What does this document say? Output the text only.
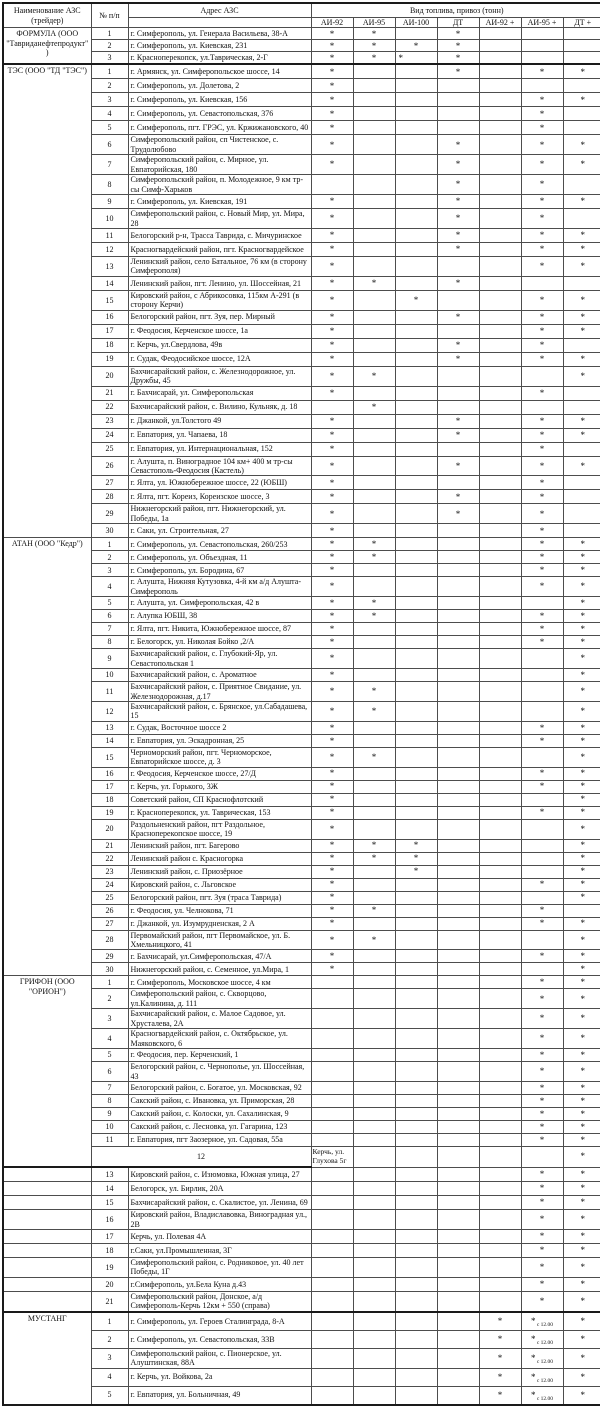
Наименование АЗС (трейдер)	№ п/п	Адрес АЗС	Вид топлива, привоз (тонн)						
			АИ-92	АИ-95	АИ-100	ДТ	АИ-92 +	АИ-95 +	ДТ +
ФОРМУЛА (ООО "Тавриданефтепродукт")	1	г. Симферополь, ул. Генерала Васильева, 38-А	*	*		*			
	2	г. Симферополь, ул. Киевская, 231	*	*	*	*			
	3	г. Красноперекопск, ул.Таврическая, 2-Г	*	*	*	*			
ТЭС (ООО "ТД "ТЭС")	1	г. Армянск, ул. Симферопольское шоссе, 14	*			*		*	*
	2	г. Симферополь, ул. Долетова, 2	*						
	3	г. Симферополь, ул. Киевская, 156	*					*	*
	4	г. Симферополь, ул. Севастопольская, 376	*					*	
	5	г. Симферополь, пгт. ГРЭС, ул. Кржижановского, 40	*					*	
	6	Симферопольский район, сп Чистенское, с. Трудолюбово	*			*		*	*
	7	Симферопольский район, с. Мирное, ул. Евпаторийская, 180	*			*		*	*
	8	Симферопольский район, п. Молодежное, 9 км тр-сы Симф-Харьков				*		*	
	9	г. Симферополь, ул. Киевская, 191	*			*		*	*
	10	Симферопольский район, с. Новый Мир, ул. Мира, 28	*			*		*	
	11	Белогорский р-н, Трасса Таврида, с. Мичуринское	*			*		*	*
	12	Красногвардейский район, пгт. Красногвардейское	*			*		*	*
	13	Ленинский район, село Батальное, 76 км (в сторону Симферополя)	*					*	*
	14	Ленинский район, пгт. Ленино, ул. Шоссейная, 21	*	*		*			
	15	Кировский район, с Абрикосовка, 115км А-291 (в сторону Керчи)	*		*			*	*
	16	Белогорский район, пгт. Зуя, пер. Мирный	*			*		*	*
	17	г. Феодосия, Керченское шоссе, 1а	*					*	*
	18	г. Керчь, ул.Свердлова, 49в	*			*		*	
	19	г. Судак, Феодосийское шоссе, 12А	*			*		*	*
	20	Бахчисарайский район, с. Железнодорожное, ул. Дружбы, 45	*	*					*
	21	г. Бахчисарай, ул. Симферопольская	*					*	
	22	Бахчисарайский район, с. Вилино, Кульняк, д. 18		*					
	23	г. Джанкой, ул.Толстого 49	*			*		*	*
	24	г. Евпатория, ул. Чапаева, 18	*			*		*	*
	25	г. Евпатория, ул. Интернациональная, 152	*					*	
	26	г. Алушта, п. Виноградное 104 км+ 400 м тр-сы Севастополь-Феодосия (Кастель)	*			*		*	*
	27	г. Ялта, ул. Южнобережное шоссе, 22 (ЮБШ)	*					*	
	28	г. Ялта, пгт. Кореиз, Кореизское шоссе, 3	*			*		*	
	29	Нижнегорский район, пгт. Нижнегорский, ул. Победы, 1а	*			*		*	
	30	г. Саки, ул. Строительная, 27	*					*	
АТАН (ООО "Кедр")	1	г. Симферополь, ул. Севастопольская, 260/253	*	*				*	*
	2	г. Симферополь, ул. Объездная, 11	*	*				*	*
	3	г. Симферополь, ул. Бородина, 67	*					*	*
	4	г. Алушта, Нижняя Кутузовка, 4-й км а/д Алушта- Симферополь	*					*	*
	5	г. Алушта, ул. Симферопольская, 42 в	*	*					*
	6	г. Алупка ЮБШ, 38	*	*				*	*
	7	г. Ялта, пгт. Никита, Южнобережное шоссе, 87	*					*	*
	8	г. Белогорск, ул. Николая Бойко ,2/А	*					*	*
	9	Бахчисарайский район, с. Глубокий-Яр, ул. Севастопольская 1	*						*
	10	Бахчисарайский район, с. Ароматное	*						*
	11	Бахчисарайский район, с. Приятное Свидание, ул. Железнодорожная, д.17	*	*					*
	12	Бахчисарайский район, с. Брянское, ул.Сабадашева, 15	*	*					*
	13	г. Судак, Восточное шоссе 2	*					*	*
	14	г. Евпатория, ул. Эскадронная, 25	*					*	*
	15	Черноморский район, пгт. Черноморское, Евпаторийское шоссе, д. 3	*	*					*
	16	г. Феодосия, Керченское шоссе, 27/Д	*					*	*
	17	г. Керчь, ул. Горького, 3Ж	*					*	*
	18	Советский район, СП Краснофлотский	*						*
	19	г. Красноперекопск, ул. Таврическая, 153	*					*	*
	20	Раздольненский район, пгт Раздольное, Красноперекопское шоссе, 19	*						*
	21	Ленинский район, пгт. Багерово	*	*	*				*
	22	Ленинский район с. Красногорка	*	*	*				*
	23	Ленинский район, с. Приозёрное	*		*				*
	24	Кировский район, с. Льговское	*					*	*
	25	Белогорский район, пгт. Зуя (траса Таврида)	*						*
	26	г. Феодосия, ул. Челнокова, 71	*	*				*	
	27	г. Джанкой, ул. Изумрудненская, 2 А	*					*	*
	28	Первомайский район, пгт Первомайское, ул. Б. Хмельницкого, 41	*	*					*
	29	г. Бахчисарай, ул.Симферопольская, 47/А	*					*	*
	30	Нижнегорский район, с. Семенное, ул.Мира, 1	*						*
ГРИФОН (ООО "ОРИОН")	1	г. Симферополь, Московское шоссе, 4 км						*	*
	2	Симферопольский район, с. Скворцово, ул.Калинина, д. 111						*	*
	3	Бахчисарайский район, с. Малое Садовое, ул. Хрусталева, 2А						*	*
	4	Красногвардейский район, с. Октябрьское, ул. Маяковского, 6						*	*
	5	г. Феодосия, пер. Керченский, 1						*	*
	6	Белогорский район, с. Чернополье, ул. Шоссейная, 43						*	*
	7	Белогорский район, с. Богатое, ул. Московская, 92						*	*
	8	Сакский район, с. Ивановка, ул. Приморская, 28						*	*
	9	Сакский район, с. Колоски, ул. Сахалинская, 9						*	*
	10	Сакский район, с. Лесновка, ул. Гагарина, 123						*	*
	11	г. Евпатория, пгт Заозерное, ул. Садовая, 55а						*	*
	12		Керчь, ул. Глухова 5г						*
	13	Кировский район, с. Изюмовка, Южная улица, 27						*	*
	14	Белогорск, ул. Бирлик, 20А						*	*
	15	Бахчисарайский район, с. Скалистое, ул. Ленина, 69						*	*
	16	Кировский район, Владиславовка, Виноградная ул., 2В						*	*
	17	Керчь, ул. Полевая 4А						*	*
	18	г.Саки, ул.Промышленная, 3Г						*	*
	19	Симферопольский район, с. Родниковое, ул. 40 лет Победы, 1Г						*	*
	20	г.Симферополь, ул.Бела Куна д.43						*	*
	21	Симферопольский район, Донское, а/д Симферополь-Керчь 12км + 550 (справа)						*	*
МУСТАНГ	1	г. Симферополь, ул. Героев Сталинграда, 8-А					*	* $_{с 12.00}$	*
	2	г. Симферополь, ул. Севастопольская, 33В					*	* $_{с 12.00}$	*
	3	Симферопольский район, с. Пионерское, ул. Алуштинская, 88А					*	* $_{с 12.00}$	*
	4	г. Керчь, ул. Войкова, 2а					*	* $_{с 12.00}$	*
	5	г. Евпатория, ул. Больничная, 49					*	* $_{с 12.00}$	*
